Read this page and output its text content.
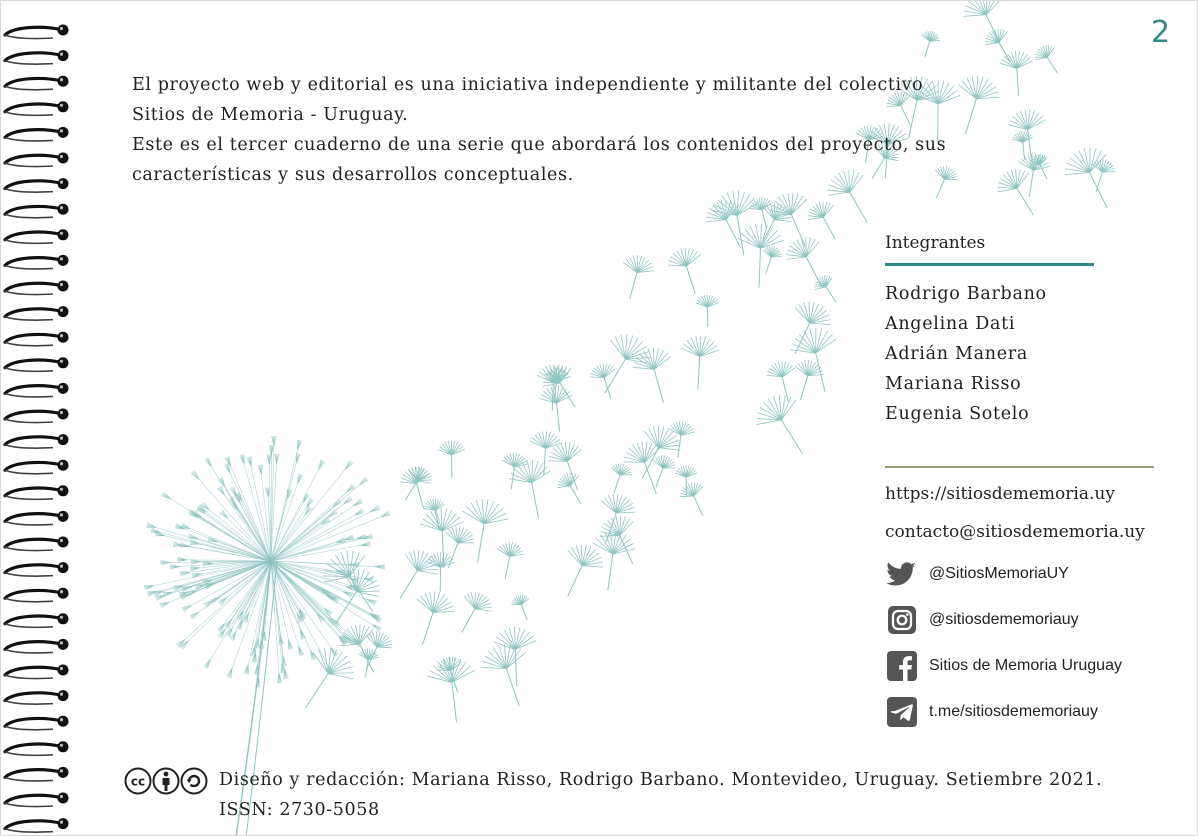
2

El proyecto web y editorial es una iniciativa independiente y militante del colectivo

Sitios de Memoria - Uruguay.

Este es el tercer cuaderno de una serie que abordará los contenidos del proyecto, sus

características y sus desarrollos conceptuales.

Integrantes
Rodrigo Barbano
Angelina Dati
Adrián Manera
Mariana Risso
Eugenia Sotelo
https://sitiosdememoria.uy
contacto@sitiosdememoria.uy
@SitiosMemoriaUY
@sitiosdememoriauy
Sitios de Memoria Uruguay
t.me/sitiosdememoriauy
cc	Diseño y redacción: Mariana Risso, Rodrigo Barbano. Montevideo, Uruguay. Setiembre 2021.
ISSN: 2730-5058
